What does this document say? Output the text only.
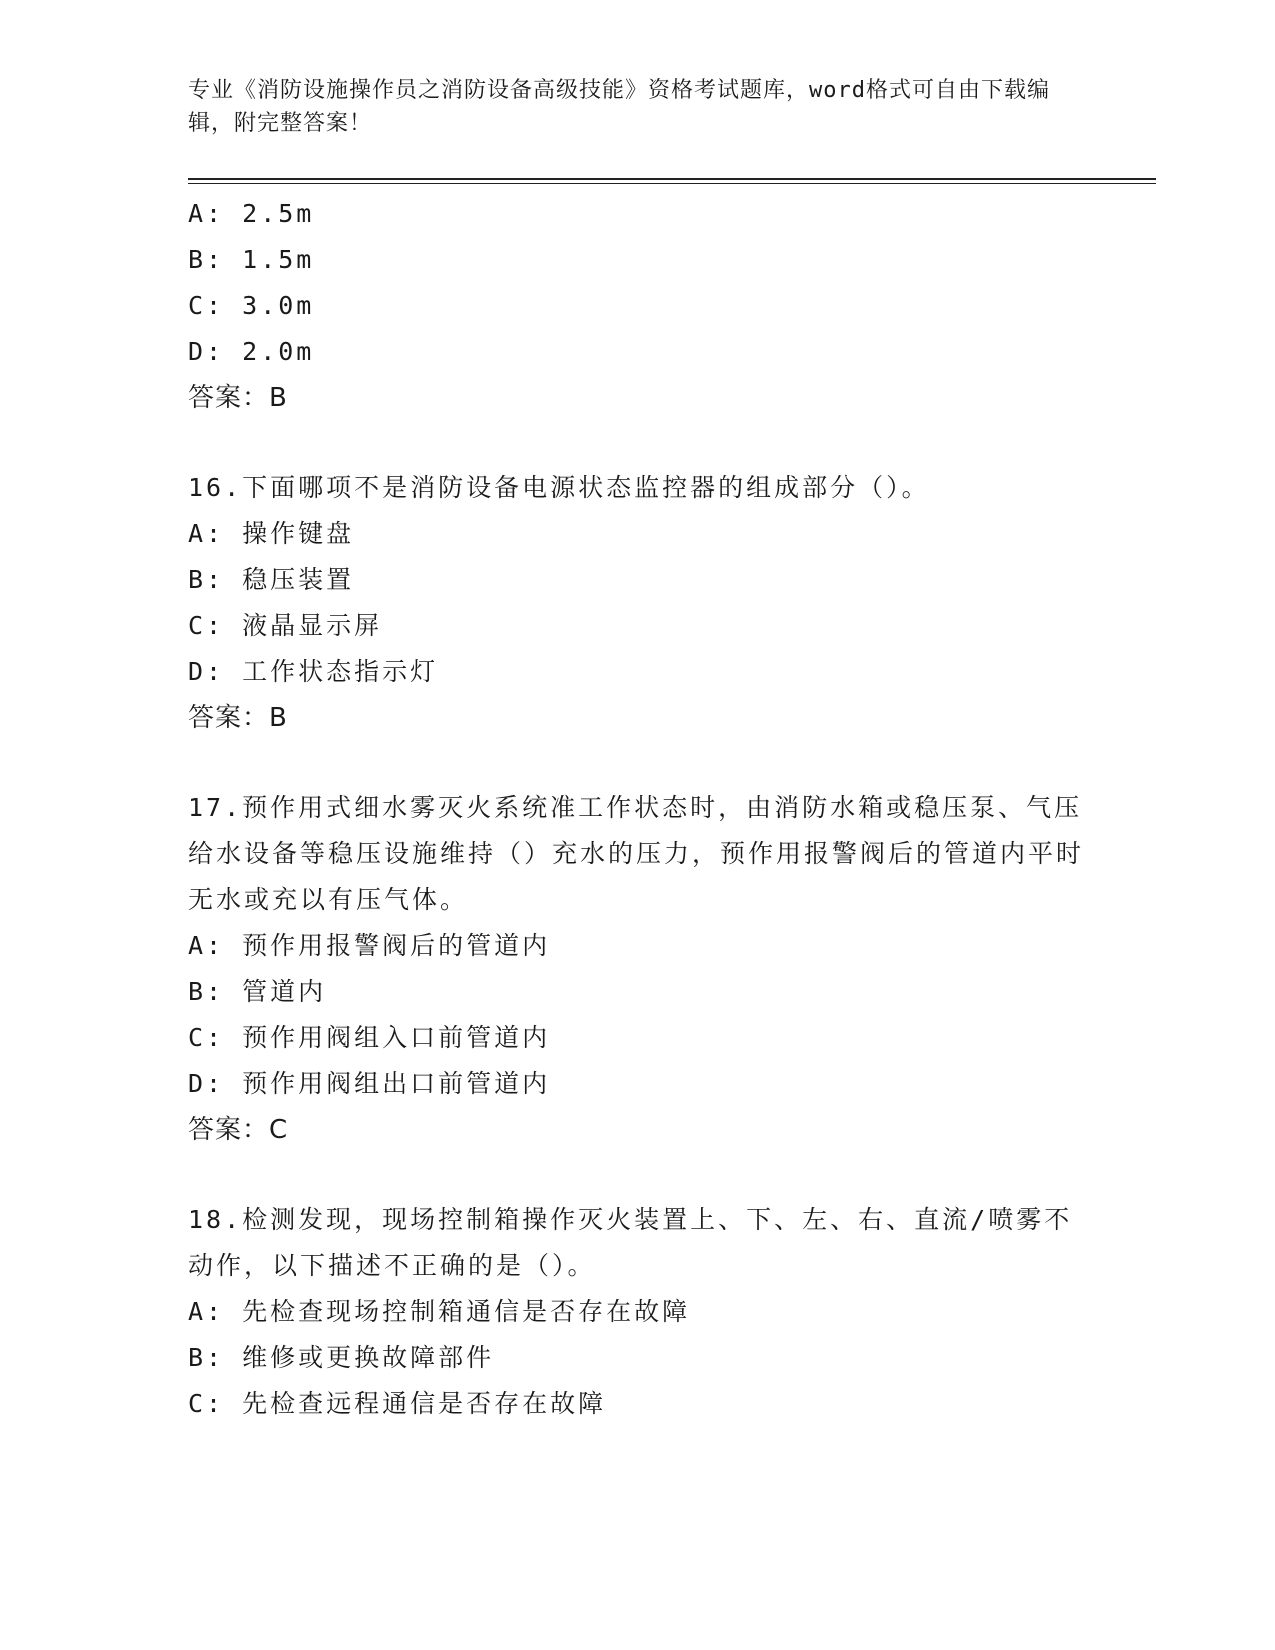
专业《消防设施操作员之消防设备高级技能》资格考试题库，word格式可自由下载编辑，附完整答案！
A: 2.5m
B: 1.5m
C: 3.0m
D: 2.0m
答案：B
16.下面哪项不是消防设备电源状态监控器的组成部分（）。
A: 操作键盘
B: 稳压装置
C: 液晶显示屏
D: 工作状态指示灯
答案：B
17.预作用式细水雾灭火系统准工作状态时，由消防水箱或稳压泵、气压给水设备等稳压设施维持（）充水的压力，预作用报警阀后的管道内平时无水或充以有压气体。
A: 预作用报警阀后的管道内
B: 管道内
C: 预作用阀组入口前管道内
D: 预作用阀组出口前管道内
答案：C
18.检测发现，现场控制箱操作灭火装置上、下、左、右、直流/喷雾不动作，以下描述不正确的是（）。
A: 先检查现场控制箱通信是否存在故障
B: 维修或更换故障部件
C: 先检查远程通信是否存在故障
